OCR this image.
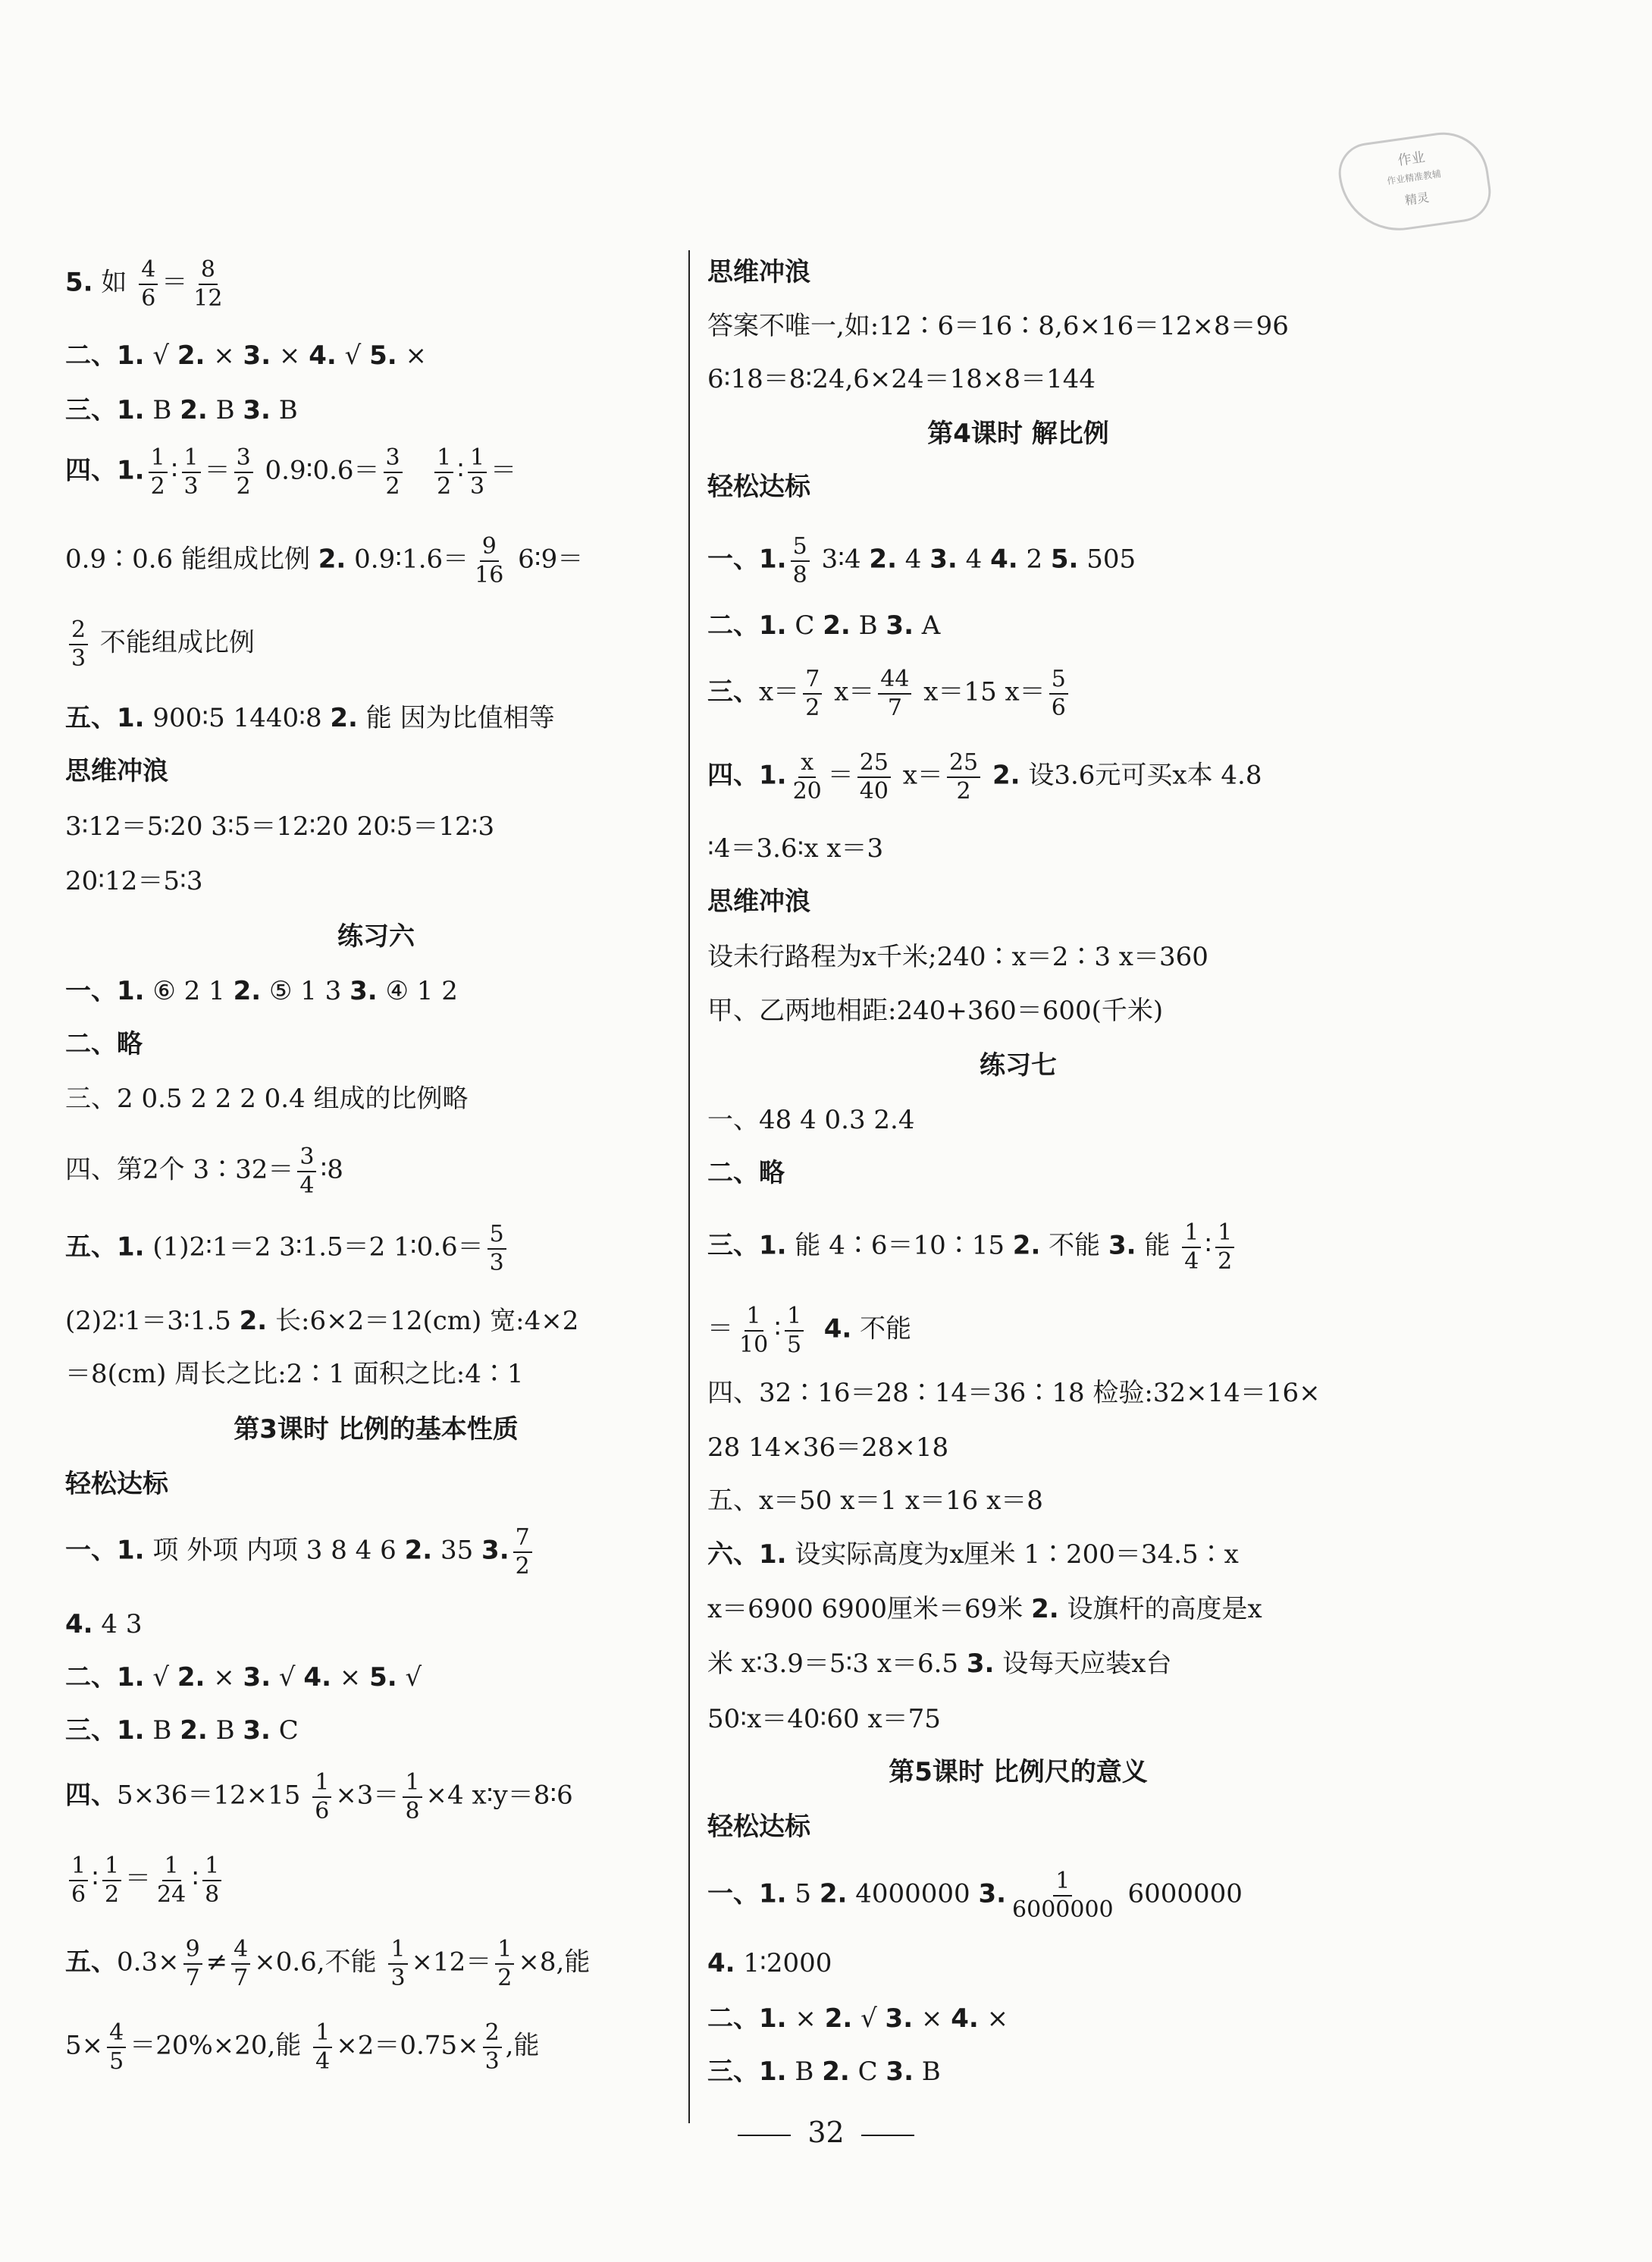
作业
作业精准教辅
精灵
5. 如 $\frac{4}{6} = \frac{8}{12}$
二、1. √ 2. × 3. × 4. √ 5. ×
三、1. B 2. B 3. B
四、1. $\frac{1}{2}$ ∶ $\frac{1}{3} = \frac{3}{2}$ 0.9∶0.6＝ $\frac{3}{2}$
$\frac{1}{2}$ ∶ $\frac{1}{3}$ ＝
0.9∶0.6 能组成比例 2. 0.9∶1.6＝ $\frac{9}{16}$ 6∶9＝
$\frac{2}{3}$ 不能组成比例
五、1. 900∶5 1440∶8 2. 能 因为比值相等
思维冲浪
3∶12＝5∶20 3∶5＝12∶20 20∶5＝12∶3
20∶12＝5∶3
练习六
一、1. ⑥ 2 1 2. ⑤ 1 3 3. ④ 1 2
二、略
三、2 0.5 2 2 2 0.4 组成的比例略
四、第2个 3∶32＝ $\frac{3}{4}$ ∶8
五、1. (1)2∶1＝2 3∶1.5＝2 1∶0.6＝ $\frac{5}{3}$
(2)2∶1＝3∶1.5 2. 长:6×2＝12(cm) 宽:4×2
＝8(cm) 周长之比:2∶1 面积之比:4∶1
第3课时 比例的基本性质
轻松达标
一、1. 项 外项 内项 3 8 4 6 2. 35 3. $\frac{7}{2}$
4. 4 3
二、1. √ 2. × 3. √ 4. × 5. √
三、1. B 2. B 3. C
四、$5\times 36=12\times 15 \frac{1}{6} \times 3= \frac{1}{8} \times 4$ x∶y＝8∶6
$\frac{1}{6}$ ∶ $\frac{1}{2} = \frac{1}{24}$ ∶ $\frac{1}{8}$
五、$0.3\times \frac{9}{7} \ne \frac{4}{7} \times 0.6$,不能 $\frac{1}{3} \times 12= \frac{1}{2} \times 8$,能
$5\times \frac{4}{5} =20\%\times 20$,能 $\frac{1}{4} \times 2=0.75\times \frac{2}{3}$ ,能
思维冲浪
答案不唯一,如:12∶6＝16∶8,6×16＝12×8＝96
6∶18＝8∶24,6×24＝18×8＝144
第4课时 解比例
轻松达标
一、1. $\frac{5}{8}$ 3∶4 2. 4 3. 4 4. 2 5. 505
二、1. C 2. B 3. A
三、$x= \frac{7}{2} x= \frac{44}{7} x=15$ $x= \frac{5}{6}$
四、1. $\frac{x}{20} = \frac{25}{40} x= \frac{25}{2} 2$. 设3.6元可买x本 4.8
∶4＝3.6∶x x＝3
思维冲浪
设未行路程为x千米;240∶x＝2∶3 x＝360
甲、乙两地相距:240+360＝600(千米)
练习七
一、48 4 0.3 2.4
二、略
三、1. 能 4∶6＝10∶15 2. 不能 3. 能 $\frac{1}{4}$ ∶ $\frac{1}{2}$
＝ $\frac{1}{10}$ ∶ $\frac{1}{5} 4$. 不能
四、32∶16＝28∶14＝36∶18 检验:32×14＝16×
28 14×36＝28×18
五、x＝50 x＝1 x＝16 x＝8
六、1. 设实际高度为x厘米 1∶200＝34.5∶x
x＝6900 6900厘米＝69米 2. 设旗杆的高度是x
米 x∶3.9＝5∶3 x＝6.5 3. 设每天应装x台
50∶x＝40∶60 x＝75
第5课时 比例尺的意义
轻松达标
一、1. 5 2. 4000000 3. $\frac{1}{6000000} 6000000$
4. 1∶2000
二、1. × 2. √ 3. × 4. ×
三、1. B 2. C 3. B
32
